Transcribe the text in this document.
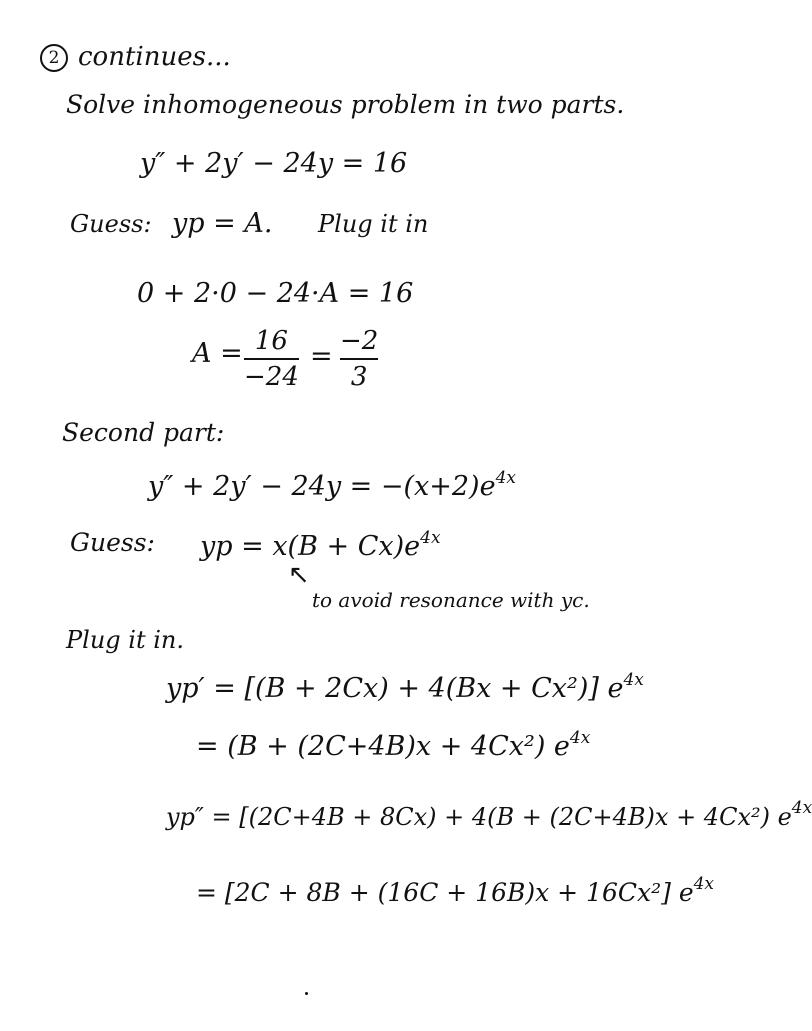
2 continues...
Solve inhomogeneous problem in two parts.
y″ + 2y′ − 24y = 16
Guess: yp = A. Plug it in
0 + 2·0 − 24·A = 16
A = 16
−24
= −2
3
Second part:
$y'' + 2y' - 24y = -(x+2)e^{4x}$
Guess: yp = $x(B + Cx)e^{4x}$
↖
to avoid resonance with yc.
Plug it in.
yp′ = [(B + 2Cx) + 4(Bx + Cx²)] $e^{4x}$
= (B + (2C+4B)x + 4Cx²) $e^{4x}$
yp″ = [(2C+4B + 8Cx) + 4(B + (2C+4B)x + 4Cx²) $e^{4x}$
= [2C + 8B + (16C + 16B)x + 16Cx²] $e^{4x}$
